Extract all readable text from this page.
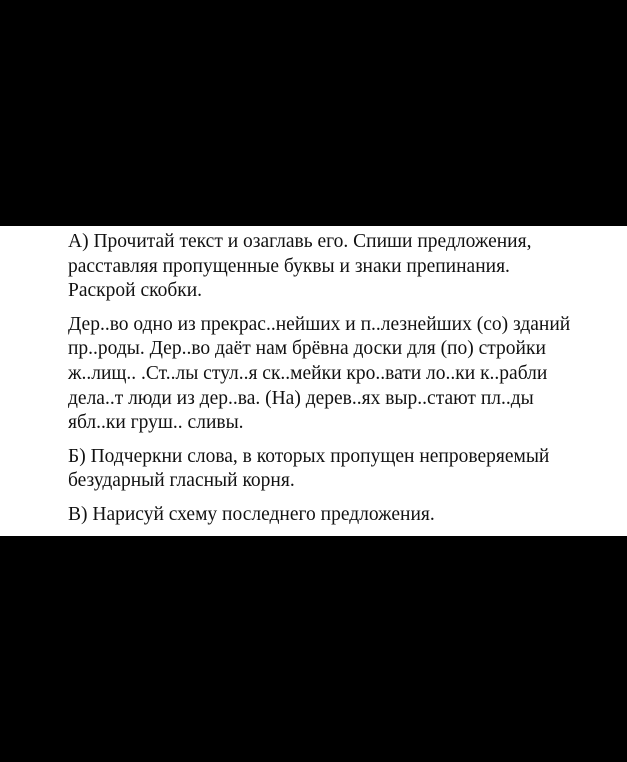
А) Прочитай текст и озаглавь его. Спиши предложения,
расставляя пропущенные буквы и знаки препинания.
Раскрой скобки.

Дер..во одно из прекрас..нейших и п..лезнейших (со) зданий
пр..роды. Дер..во даёт нам брёвна доски для (по) стройки
ж..лищ.. .Ст..лы стул..я ск..мейки кро..вати ло..ки к..рабли
дела..т люди из дер..ва. (На) дерев..ях выр..стают пл..ды
ябл..ки груш.. сливы.

Б) Подчеркни слова, в которых пропущен непроверяемый
безударный гласный корня.

В) Нарисуй схему последнего предложения.
